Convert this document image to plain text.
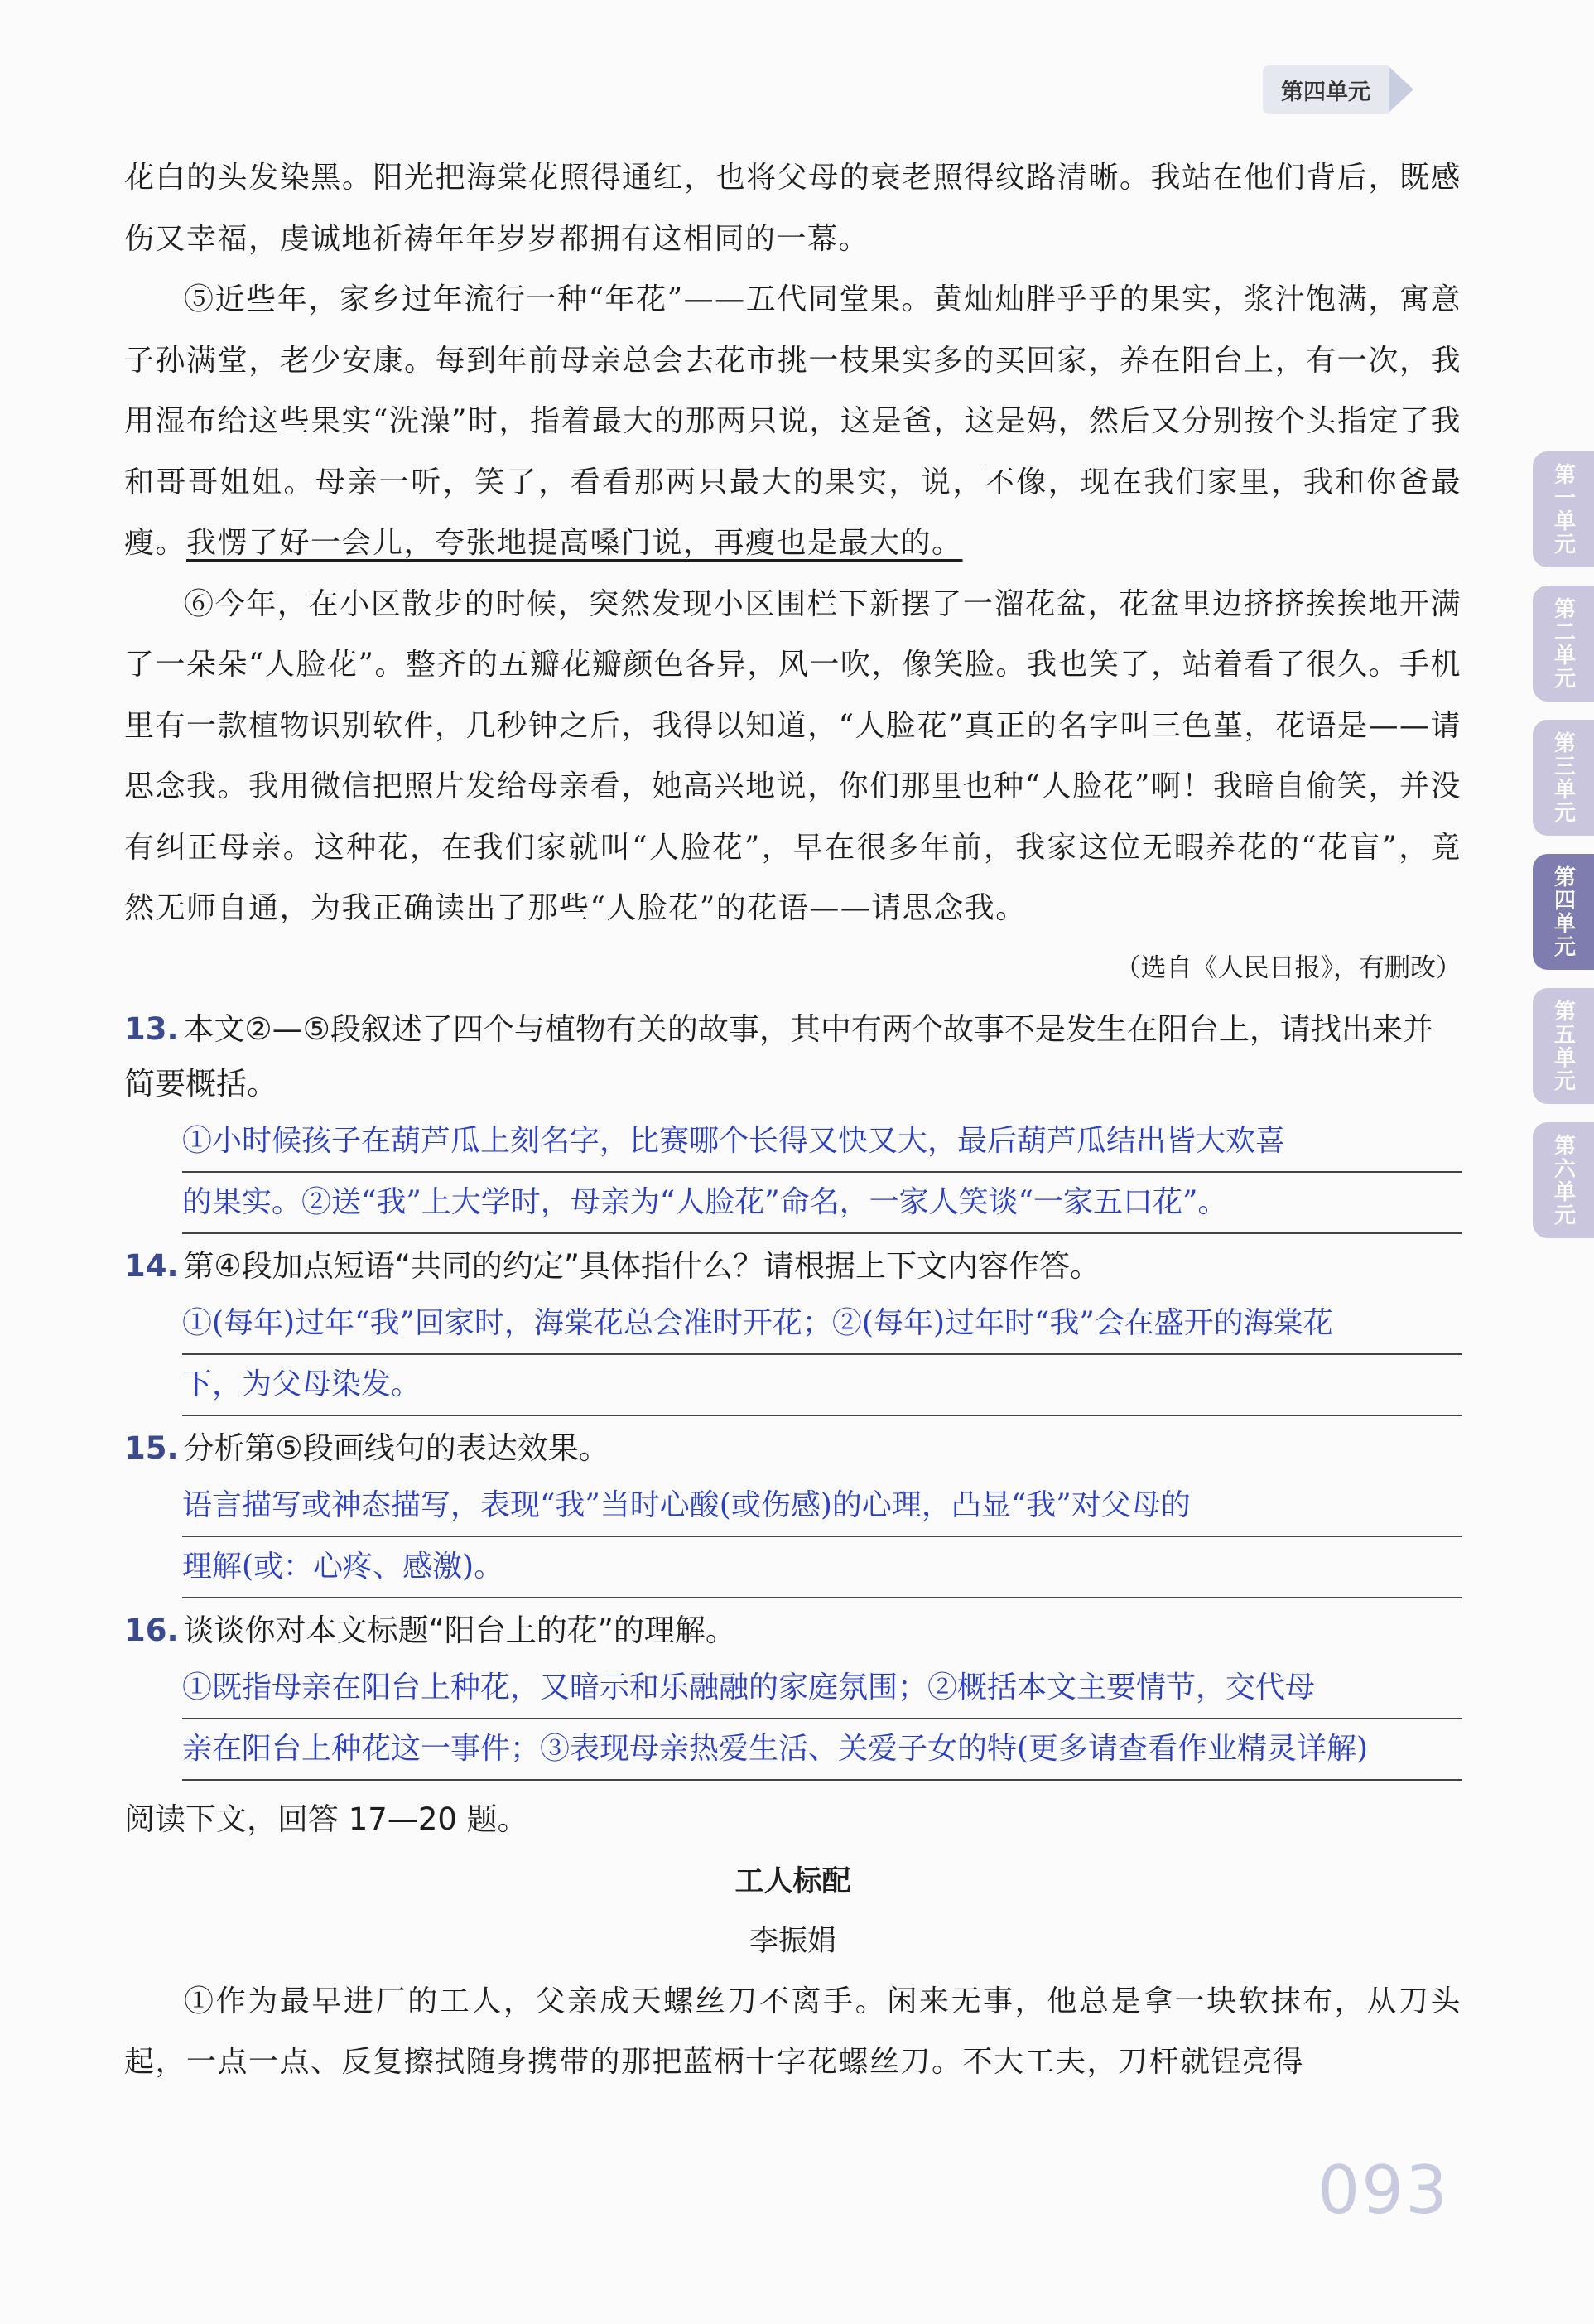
第四单元
第一单元
第二单元
第三单元
第四单元
第五单元
第六单元

花白的头发染黑。阳光把海棠花照得通红，也将父母的衰老照得纹路清晰。我站在他们背后，既感伤又幸福，虔诚地祈祷年年岁岁都拥有这相同的一幕。

⑤近些年，家乡过年流行一种“年花”——五代同堂果。黄灿灿胖乎乎的果实，浆汁饱满，寓意子孙满堂，老少安康。每到年前母亲总会去花市挑一枝果实多的买回家，养在阳台上，有一次，我用湿布给这些果实“洗澡”时，指着最大的那两只说，这是爸，这是妈，然后又分别按个头指定了我和哥哥姐姐。母亲一听，笑了，看看那两只最大的果实，说，不像，现在我们家里，我和你爸最瘦。我愣了好一会儿，夸张地提高嗓门说，再瘦也是最大的。

⑥今年，在小区散步的时候，突然发现小区围栏下新摆了一溜花盆，花盆里边挤挤挨挨地开满了一朵朵“人脸花”。整齐的五瓣花瓣颜色各异，风一吹，像笑脸。我也笑了，站着看了很久。手机里有一款植物识别软件，几秒钟之后，我得以知道，“人脸花”真正的名字叫三色堇，花语是——请思念我。我用微信把照片发给母亲看，她高兴地说，你们那里也种“人脸花”啊！我暗自偷笑，并没有纠正母亲。这种花，在我们家就叫“人脸花”，早在很多年前，我家这位无暇养花的“花盲”，竟然无师自通，为我正确读出了那些“人脸花”的花语——请思念我。

（选自《人民日报》，有删改）

13. 本文②—⑤段叙述了四个与植物有关的故事，其中有两个故事不是发生在阳台上，请找出来并简要概括。

①小时候孩子在葫芦瓜上刻名字，比赛哪个长得又快又大，最后葫芦瓜结出皆大欢喜
的果实。②送“我”上大学时，母亲为“人脸花”命名，一家人笑谈“一家五口花”。

14. 第④段加点短语“共同的约定”具体指什么？请根据上下文内容作答。

①(每年)过年“我”回家时，海棠花总会准时开花；②(每年)过年时“我”会在盛开的海棠花
下，为父母染发。

15. 分析第⑤段画线句的表达效果。

语言描写或神态描写，表现“我”当时心酸(或伤感)的心理，凸显“我”对父母的
理解(或：心疼、感激)。

16. 谈谈你对本文标题“阳台上的花”的理解。

①既指母亲在阳台上种花，又暗示和乐融融的家庭氛围；②概括本文主要情节，交代母
亲在阳台上种花这一事件；③表现母亲热爱生活、关爱子女的特(更多请查看作业精灵详解)

阅读下文，回答 17—20 题。

工人标配

李振娟

①作为最早进厂的工人，父亲成天螺丝刀不离手。闲来无事，他总是拿一块软抹布，从刀头起，一点一点、反复擦拭随身携带的那把蓝柄十字花螺丝刀。不大工夫，刀杆就锃亮得

093
